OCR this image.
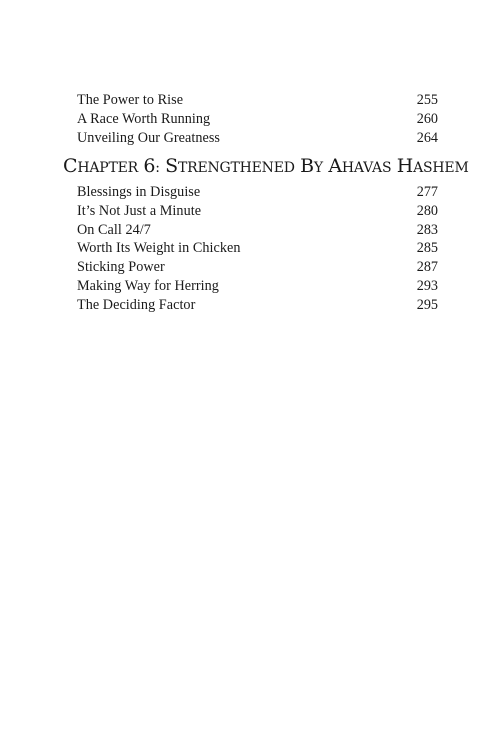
The Power to Rise	255
A Race Worth Running	260
Unveiling Our Greatness	264
CHAPTER 6: STRENGTHENED BY AHAVAS HASHEM
Blessings in Disguise	277
It’s Not Just a Minute	280
On Call 24/7	283
Worth Its Weight in Chicken	285
Sticking Power	287
Making Way for Herring	293
The Deciding Factor	295
